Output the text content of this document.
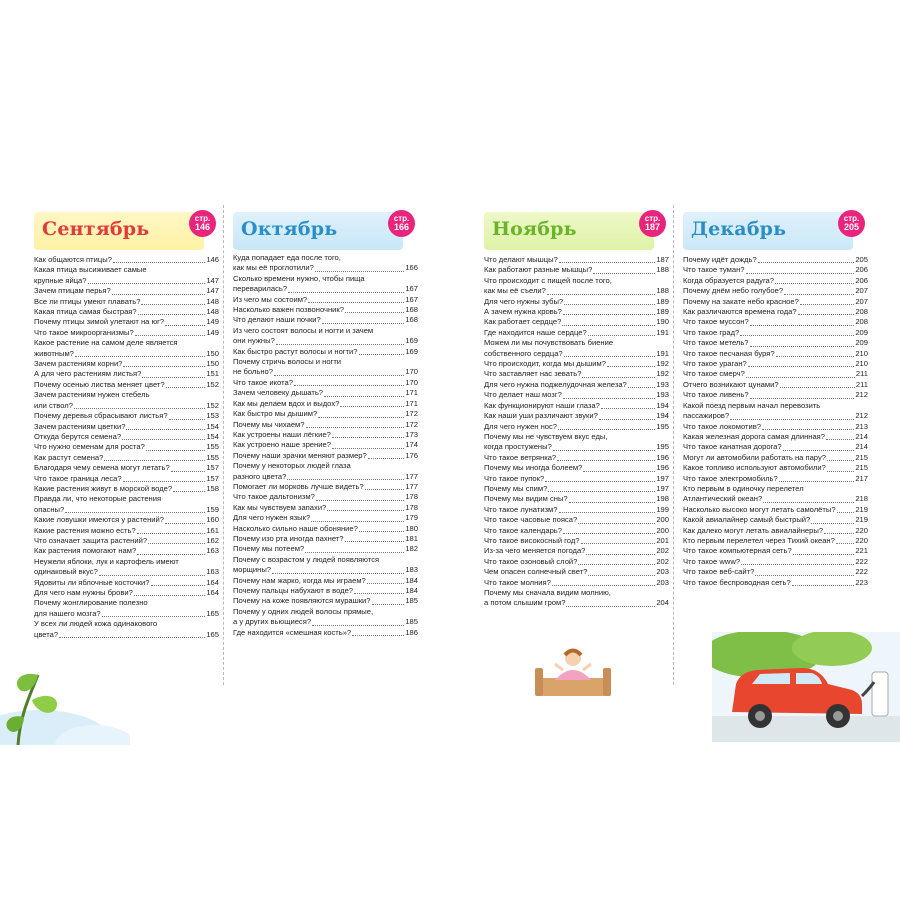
Сентябрь	стр.
146
Как общаются птицы?	146
Какая птица высиживает самые
крупные яйца?	147
Зачем птицам перья?	147
Все ли птицы умеют плавать?	148
Какая птица самая быстрая?	148
Почему птицы зимой улетают на юг?	149
Что такое микроорганизмы?	149
Какое растение на самом деле является
животным?	150
Зачем растениям корни?	150
А для чего растениям листья?	151
Почему осенью листва меняет цвет?	152
Зачем растениям нужен стебель
или ствол?	152
Почему деревья сбрасывают листья?	153
Зачем растениям цветки?	154
Откуда берутся семена?	154
Что нужно семенам для роста?	155
Как растут семена?	155
Благодаря чему семена могут летать?	157
Что такое граница леса?	157
Какие растения живут в морской воде?	158
Правда ли, что некоторые растения
опасны?	159
Какие ловушки имеются у растений?	160
Какие растения можно есть?	161
Что означает защита растений?	162
Как растения помогают нам?	163
Неужели яблоки, лук и картофель имеют
одинаковый вкус?	163
Ядовиты ли яблочные косточки?	164
Для чего нам нужны брови?	164
Почему жонглирование полезно
для нашего мозга?	165
У всех ли людей кожа одинакового
цвета?	165
Октябрь	стр.
166
Куда попадает еда после того,
как мы её проглотили?	166
Сколько времени нужно, чтобы пища
переварилась?	167
Из чего мы состоим?	167
Насколько важен позвоночник?	168
Что делают наши почки?	168
Из чего состоят волосы и ногти и зачем
они нужны?	169
Как быстро растут волосы и ногти?	169
Почему стричь волосы и ногти
не больно?	170
Что такое икота?	170
Зачем человеку дышать?	171
Как мы делаем вдох и выдох?	171
Как быстро мы дышим?	172
Почему мы чихаем?	172
Как устроены наши лёгкие?	173
Как устроено наше зрение?	174
Почему наши зрачки меняют размер?	176
Почему у некоторых людей глаза
разного цвета?	177
Помогает ли морковь лучше видеть?	177
Что такое дальтонизм?	178
Как мы чувствуем запахи?	178
Для чего нужен язык?	179
Насколько сильно наше обоняние?	180
Почему изо рта иногда пахнет?	181
Почему мы потеем?	182
Почему с возрастом у людей появляются
морщины?	183
Почему нам жарко, когда мы играем?	184
Почему пальцы набухают в воде?	184
Почему на коже появляются мурашки?	185
Почему у одних людей волосы прямые,
а у других вьющиеся?	185
Где находится «смешная кость»?	186
Ноябрь	стр.
187
Что делают мышцы?	187
Как работают разные мышцы?	188
Что происходит с пищей после того,
как мы её съели?	188
Для чего нужны зубы?	189
А зачем нужна кровь?	189
Как работает сердце?	190
Где находится наше сердце?	191
Можем ли мы почувствовать биение
собственного сердца?	191
Что происходит, когда мы дышим?	192
Что заставляет нас зевать?	192
Для чего нужна поджелудочная железа?	193
Что делает наш мозг?	193
Как функционируют наши глаза?	194
Как наши уши различают звуки?	194
Для чего нужен нос?	195
Почему мы не чувствуем вкус еды,
когда простужены?	195
Что такое ветрянка?	196
Почему мы иногда болеем?	196
Что такое пупок?	197
Почему мы спим?	197
Почему мы видим сны?	198
Что такое лунатизм?	199
Что такое часовые пояса?	200
Что такое календарь?	200
Что такое високосный год?	201
Из-за чего меняется погода?	202
Что такое озоновый слой?	202
Чем опасен солнечный свет?	203
Что такое молния?	203
Почему мы сначала видим молнию,
а потом слышим гром?	204
Декабрь	стр.
205
Почему идёт дождь?	205
Что такое туман?	206
Когда образуется радуга?	206
Почему днём небо голубое?	207
Почему на закате небо красное?	207
Как различаются времена года?	208
Что такое муссон?	208
Что такое град?	209
Что такое метель?	209
Что такое песчаная буря?	210
Что такое ураган?	210
Что такое смерч?	211
Отчего возникают цунами?	211
Что такое ливень?	212
Какой поезд первым начал перевозить
пассажиров?	212
Что такое локомотив?	213
Какая железная дорога самая длинная?	214
Что такое канатная дорога?	214
Могут ли автомобили работать на пару?	215
Какое топливо используют автомобили?	215
Что такое электромобиль?	217
Кто первым в одиночку перелетел
Атлантический океан?	218
Насколько высоко могут летать самолёты?	219
Какой авиалайнер самый быстрый?	219
Как далеко могут летать авиалайнеры?	220
Кто первым перелетел через Тихий океан?	220
Что такое компьютерная сеть?	221
Что такое www?	222
Что такое веб-сайт?	222
Что такое беспроводная сеть?	223
